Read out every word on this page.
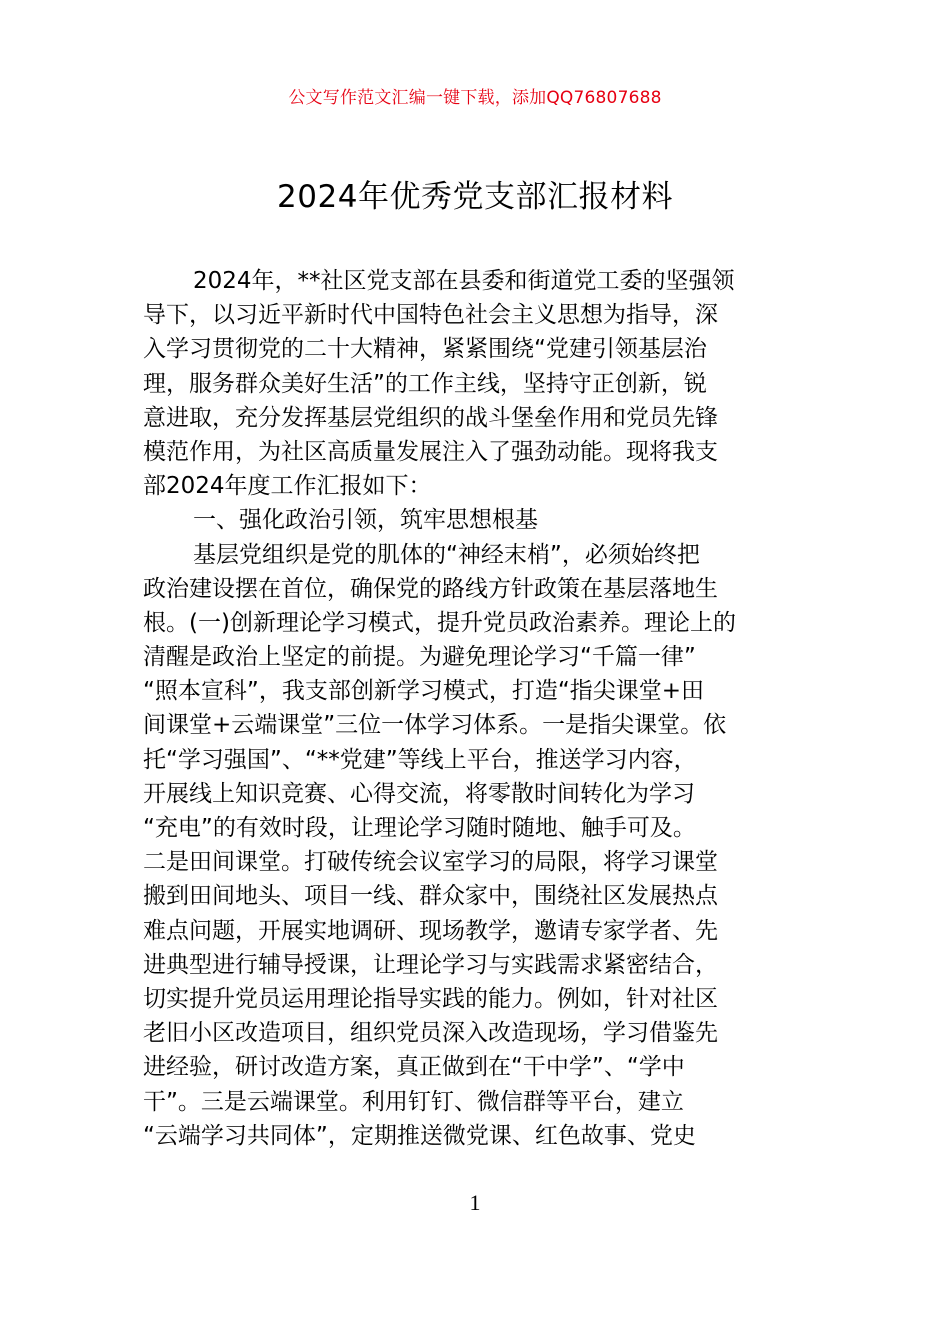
公文写作范文汇编一键下载，添加QQ76807688
2024年优秀党支部汇报材料
2024年，**社区党支部在县委和街道党工委的坚强领
导下，以习近平新时代中国特色社会主义思想为指导，深
入学习贯彻党的二十大精神，紧紧围绕“党建引领基层治
理，服务群众美好生活”的工作主线，坚持守正创新，锐
意进取，充分发挥基层党组织的战斗堡垒作用和党员先锋
模范作用，为社区高质量发展注入了强劲动能。现将我支
部2024年度工作汇报如下：
一、强化政治引领，筑牢思想根基
基层党组织是党的肌体的“神经末梢”，必须始终把
政治建设摆在首位，确保党的路线方针政策在基层落地生
根。(一)创新理论学习模式，提升党员政治素养。理论上的
清醒是政治上坚定的前提。为避免理论学习“千篇一律”
“照本宣科”，我支部创新学习模式，打造“指尖课堂+田
间课堂+云端课堂”三位一体学习体系。一是指尖课堂。依
托“学习强国”、“**党建”等线上平台，推送学习内容，
开展线上知识竞赛、心得交流，将零散时间转化为学习
“充电”的有效时段，让理论学习随时随地、触手可及。
二是田间课堂。打破传统会议室学习的局限，将学习课堂
搬到田间地头、项目一线、群众家中，围绕社区发展热点
难点问题，开展实地调研、现场教学，邀请专家学者、先
进典型进行辅导授课，让理论学习与实践需求紧密结合，
切实提升党员运用理论指导实践的能力。例如，针对社区
老旧小区改造项目，组织党员深入改造现场，学习借鉴先
进经验，研讨改造方案，真正做到在“干中学”、“学中
干”。三是云端课堂。利用钉钉、微信群等平台，建立
“云端学习共同体”，定期推送微党课、红色故事、党史
1
